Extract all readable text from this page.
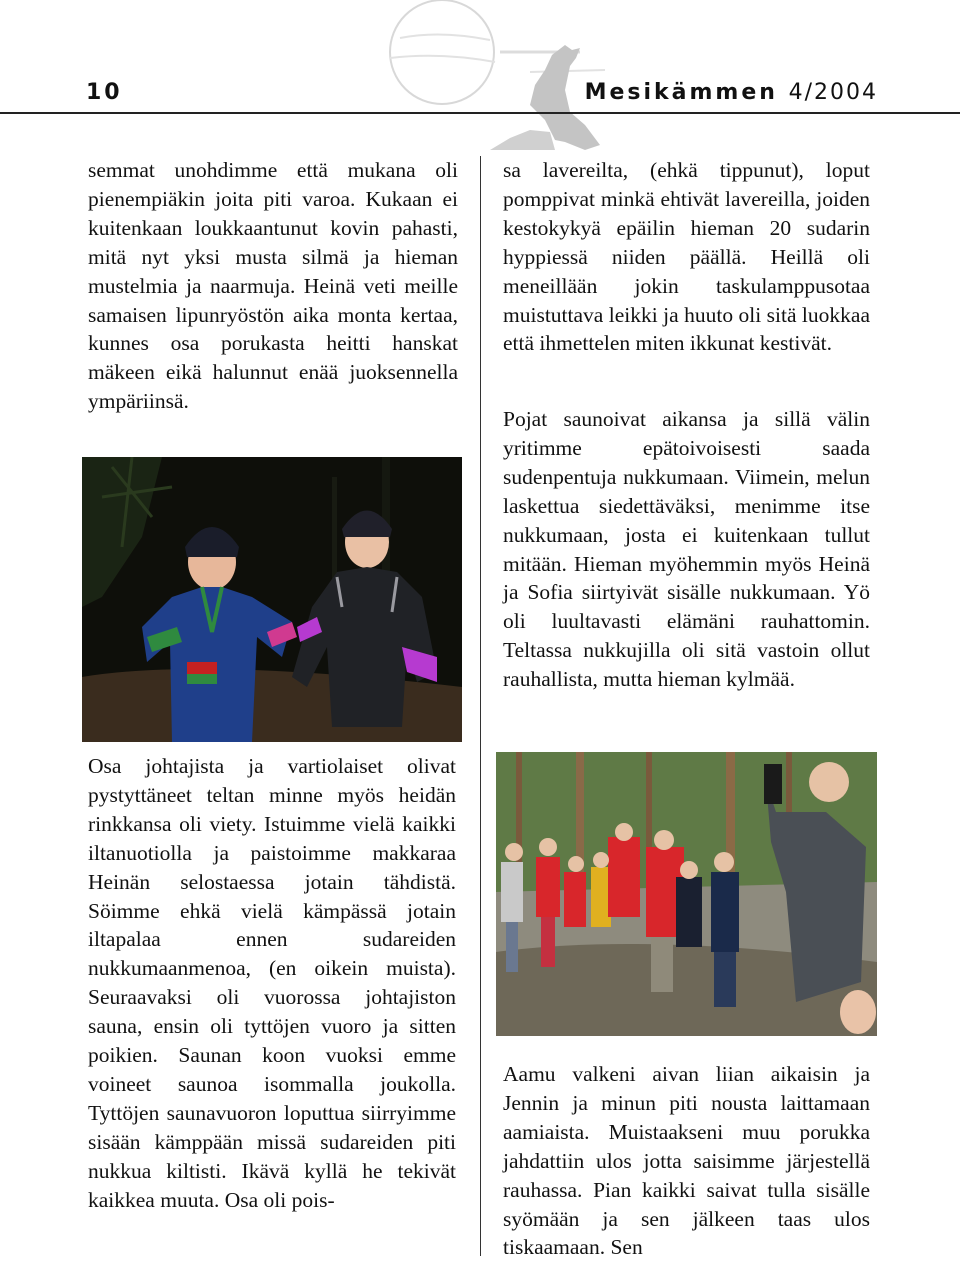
10	Mesikämmen 4/2004
semmat unohdimme että mukana oli pienempiäkin joita piti varoa. Kukaan ei kuitenkaan loukkaantunut kovin pahasti, mitä nyt yksi musta silmä ja hieman mustelmia ja naarmuja. Heinä veti meille samaisen lipunryöstön aika monta kertaa, kunnes osa porukasta heitti hanskat mäkeen eikä halunnut enää juoksennella ympäriinsä.
sa lavereilta, (ehkä tippunut), loput pomppivat minkä ehtivät lavereilla, joiden kestokykyä epäilin hieman 20 sudarin hyppiessä niiden päällä. Heillä oli meneillään jokin taskulamppusotaa muistuttava leikki ja huuto oli sitä luokkaa että ihmettelen miten ikkunat kestivät.
Pojat saunoivat aikansa ja sillä välin yritimme epätoivoisesti saada sudenpentuja nukkumaan. Viimein, melun laskettua siedettäväksi, menimme itse nukkumaan, josta ei kuitenkaan tullut mitään. Hieman myöhemmin myös Heinä ja Sofia siirtyivät sisälle nukkumaan. Yö oli luultavasti elämäni rauhattomin. Teltassa nukkujilla oli sitä vastoin ollut rauhallista, mutta hieman kylmää.
Osa johtajista ja vartiolaiset olivat pystyttäneet teltan minne myös heidän rinkkansa oli viety. Istuimme vielä kaikki iltanuotiolla ja paistoimme makkaraa Heinän selostaessa jotain tähdistä. Söimme ehkä vielä kämpässä jotain iltapalaa ennen sudareiden nukkumaanmenoa, (en oikein muista). Seuraavaksi oli vuorossa johtajiston sauna, ensin oli tyttöjen vuoro ja sitten poikien. Saunan koon vuoksi emme voineet saunoa isommalla joukolla. Tyttöjen saunavuoron loputtua siirryimme sisään kämppään missä sudareiden piti nukkua kiltisti. Ikävä kyllä he tekivät kaikkea muuta. Osa oli pois-
Aamu valkeni aivan liian aikaisin ja Jennin ja minun piti nousta laittamaan aamiaista. Muistaakseni muu porukka jahdattiin ulos jotta saisimme järjestellä rauhassa. Pian kaikki saivat tulla sisälle syömään ja sen jälkeen taas ulos tiskaamaan. Sen
